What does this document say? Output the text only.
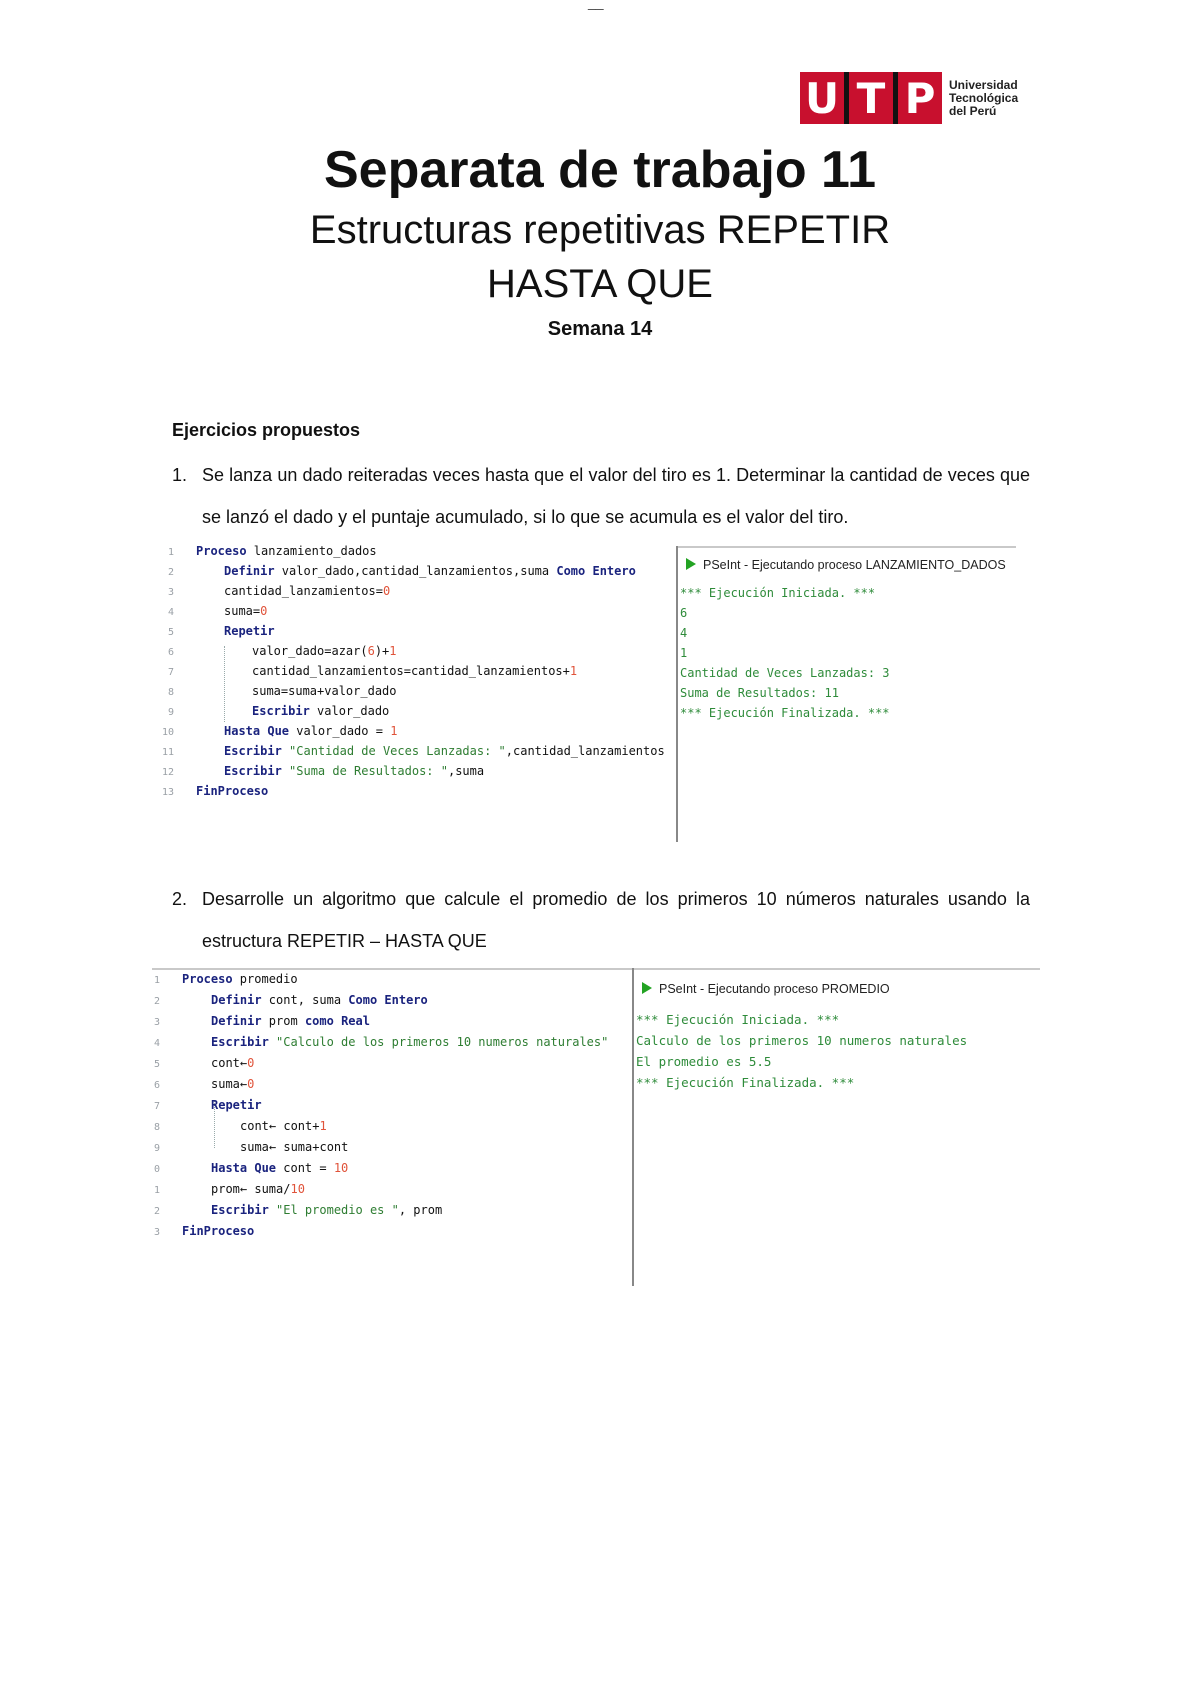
__
U T P	Universidad
Tecnológica
del Perú
Separata de trabajo 11
Estructuras repetitivas REPETIR
HASTA QUE
Semana 14
Ejercicios propuestos
1. Se lanza un dado reiteradas veces hasta que el valor del tiro es 1. Determinar la cantidad de veces que se lanzó el dado y el puntaje acumulado, si lo que se acumula es el valor del tiro.
1 Proceso lanzamiento_dados
2	Definir valor_dado,cantidad_lanzamientos,suma Como Entero
3	cantidad_lanzamientos=0
4	suma=0
5	Repetir
6	valor_dado=azar(6)+1
7	cantidad_lanzamientos=cantidad_lanzamientos+1
8	suma=suma+valor_dado
9	Escribir valor_dado
10	Hasta Que valor_dado = 1
11	Escribir "Cantidad de Veces Lanzadas: ",cantidad_lanzamientos
12	Escribir "Suma de Resultados: ",suma
13 FinProceso
PSeInt - Ejecutando proceso LANZAMIENTO_DADOS
*** Ejecución Iniciada. ***
6
4
1
Cantidad de Veces Lanzadas: 3
Suma de Resultados: 11
*** Ejecución Finalizada. ***
2. Desarrolle un algoritmo que calcule el promedio de los primeros 10 números naturales usando la estructura REPETIR – HASTA QUE
1 Proceso promedio
2	Definir cont, suma Como Entero
3	Definir prom como Real
4	Escribir "Calculo de los primeros 10 numeros naturales"
5	cont←0
6	suma←0
7	Repetir
8	cont← cont+1
9	suma← suma+cont
0	Hasta Que cont = 10
1	prom← suma/10
2	Escribir "El promedio es ", prom
3 FinProceso
PSeInt - Ejecutando proceso PROMEDIO
*** Ejecución Iniciada. ***
Calculo de los primeros 10 numeros naturales
El promedio es 5.5
*** Ejecución Finalizada. ***
